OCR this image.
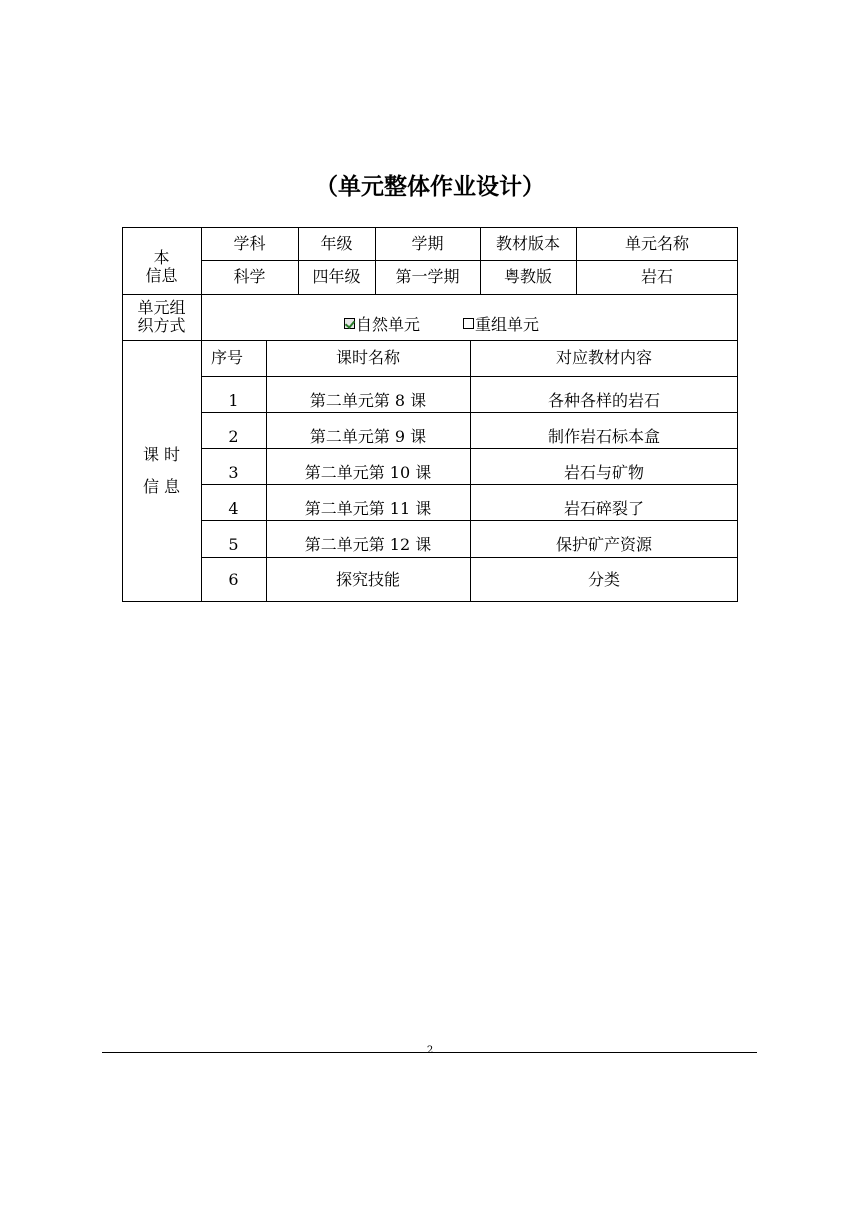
（单元整体作业设计）
本
信息
学科	年级	学期	教材版本	单元名称
科学	四年级	第一学期	粤教版	岩石
单元组
织方式	自然单元	重组单元
课 时
信 息
序号	课时名称	对应教材内容
1	第二单元第 8 课	各种各样的岩石
2	第二单元第 9 课	制作岩石标本盒
3	第二单元第 10 课	岩石与矿物
4	第二单元第 11 课	岩石碎裂了
5	第二单元第 12 课	保护矿产资源
6	探究技能	分类
2
